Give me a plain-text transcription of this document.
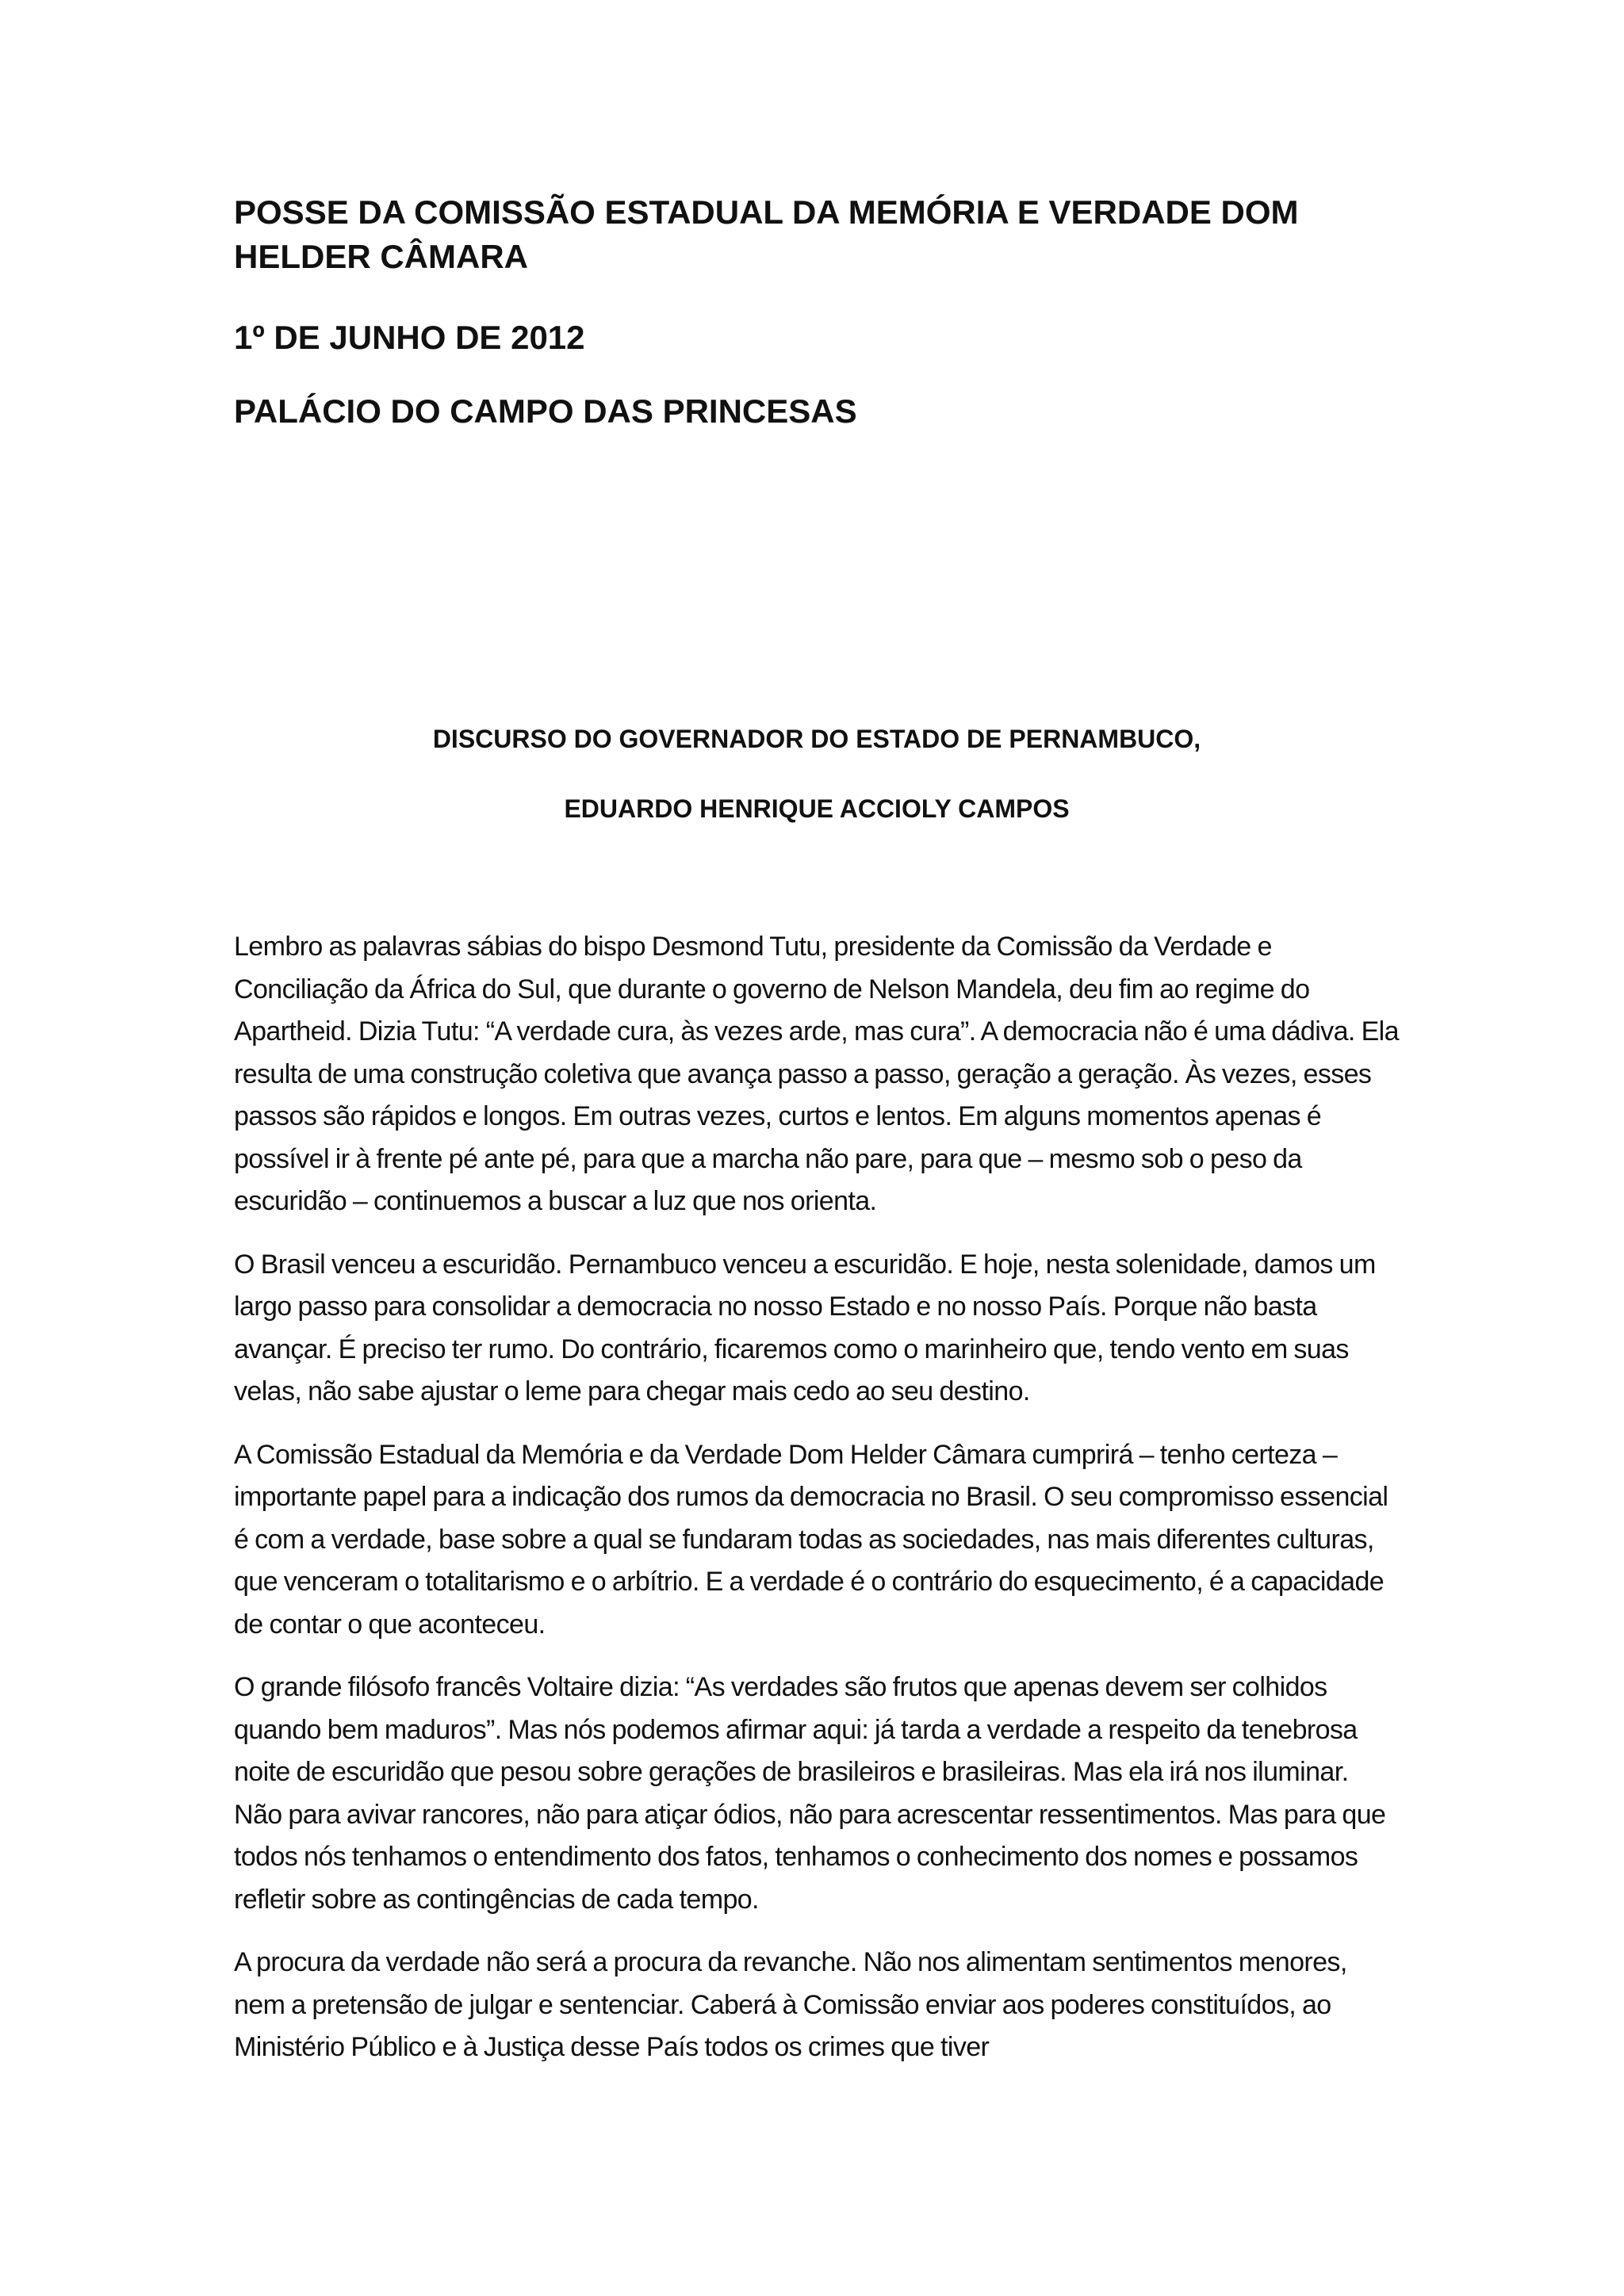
POSSE DA COMISSÃO ESTADUAL DA MEMÓRIA E VERDADE DOM HELDER CÂMARA
1º DE JUNHO DE 2012
PALÁCIO DO CAMPO DAS PRINCESAS

DISCURSO DO GOVERNADOR DO ESTADO DE PERNAMBUCO,

EDUARDO HENRIQUE ACCIOLY CAMPOS

Lembro as palavras sábias do bispo Desmond Tutu, presidente da Comissão da Verdade e Conciliação da África do Sul, que durante o governo de Nelson Mandela, deu fim ao regime do Apartheid. Dizia Tutu: “A verdade cura, às vezes arde, mas cura”. A democracia não é uma dádiva. Ela resulta de uma construção coletiva que avança passo a passo, geração a geração. Às vezes, esses passos são rápidos e longos. Em outras vezes, curtos e lentos. Em alguns momentos apenas é possível ir à frente pé ante pé, para que a marcha não pare, para que – mesmo sob o peso da escuridão – continuemos a buscar a luz que nos orienta.

O Brasil venceu a escuridão. Pernambuco venceu a escuridão. E hoje, nesta solenidade, damos um largo passo para consolidar a democracia no nosso Estado e no nosso País. Porque não basta avançar. É preciso ter rumo. Do contrário, ficaremos como o marinheiro que, tendo vento em suas velas, não sabe ajustar o leme para chegar mais cedo ao seu destino.

A Comissão Estadual da Memória e da Verdade Dom Helder Câmara cumprirá – tenho certeza – importante papel para a indicação dos rumos da democracia no Brasil. O seu compromisso essencial é com a verdade, base sobre a qual se fundaram todas as sociedades, nas mais diferentes culturas, que venceram o totalitarismo e o arbítrio. E a verdade é o contrário do esquecimento, é a capacidade de contar o que aconteceu.

O grande filósofo francês Voltaire dizia: “As verdades são frutos que apenas devem ser colhidos quando bem maduros”. Mas nós podemos afirmar aqui: já tarda a verdade a respeito da tenebrosa noite de escuridão que pesou sobre gerações de brasileiros e brasileiras. Mas ela irá nos iluminar. Não para avivar rancores, não para atiçar ódios, não para acrescentar ressentimentos. Mas para que todos nós tenhamos o entendimento dos fatos, tenhamos o conhecimento dos nomes e possamos refletir sobre as contingências de cada tempo.

A procura da verdade não será a procura da revanche. Não nos alimentam sentimentos menores, nem a pretensão de julgar e sentenciar. Caberá à Comissão enviar aos poderes constituídos, ao Ministério Público e à Justiça desse País todos os crimes que tiver
